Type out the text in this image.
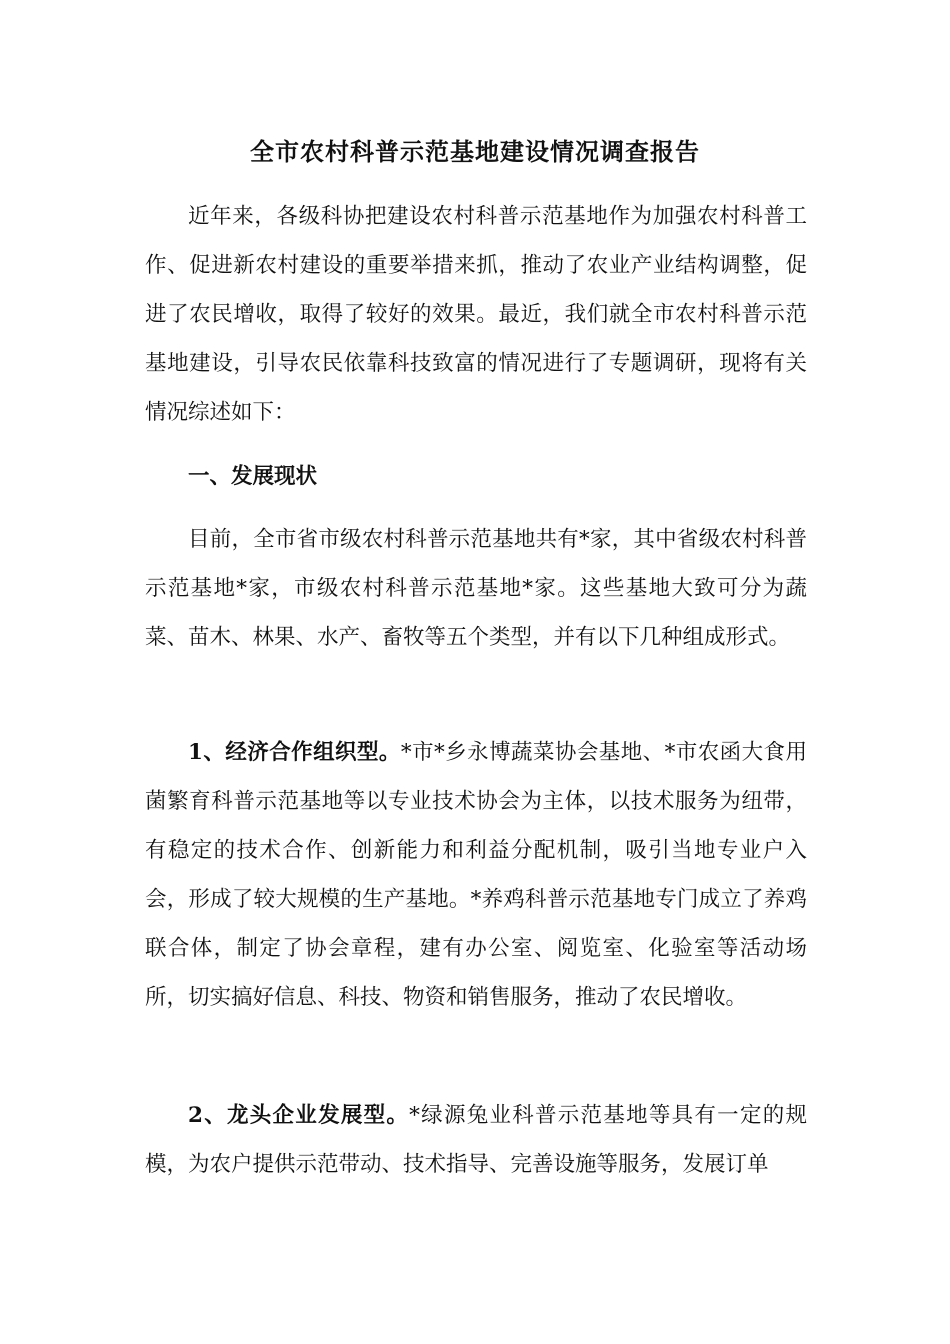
全市农村科普示范基地建设情况调查报告

近年来，各级科协把建设农村科普示范基地作为加强农村科普工作、促进新农村建设的重要举措来抓，推动了农业产业结构调整，促进了农民增收，取得了较好的效果。最近，我们就全市农村科普示范基地建设，引导农民依靠科技致富的情况进行了专题调研，现将有关情况综述如下：

一、发展现状

目前，全市省市级农村科普示范基地共有*家，其中省级农村科普示范基地*家，市级农村科普示范基地*家。这些基地大致可分为蔬菜、苗木、林果、水产、畜牧等五个类型，并有以下几种组成形式。

1、经济合作组织型。*市*乡永博蔬菜协会基地、*市农函大食用菌繁育科普示范基地等以专业技术协会为主体，以技术服务为纽带，有稳定的技术合作、创新能力和利益分配机制，吸引当地专业户入会，形成了较大规模的生产基地。*养鸡科普示范基地专门成立了养鸡联合体，制定了协会章程，建有办公室、阅览室、化验室等活动场所，切实搞好信息、科技、物资和销售服务，推动了农民增收。

2、龙头企业发展型。*绿源兔业科普示范基地等具有一定的规模，为农户提供示范带动、技术指导、完善设施等服务，发展订单
